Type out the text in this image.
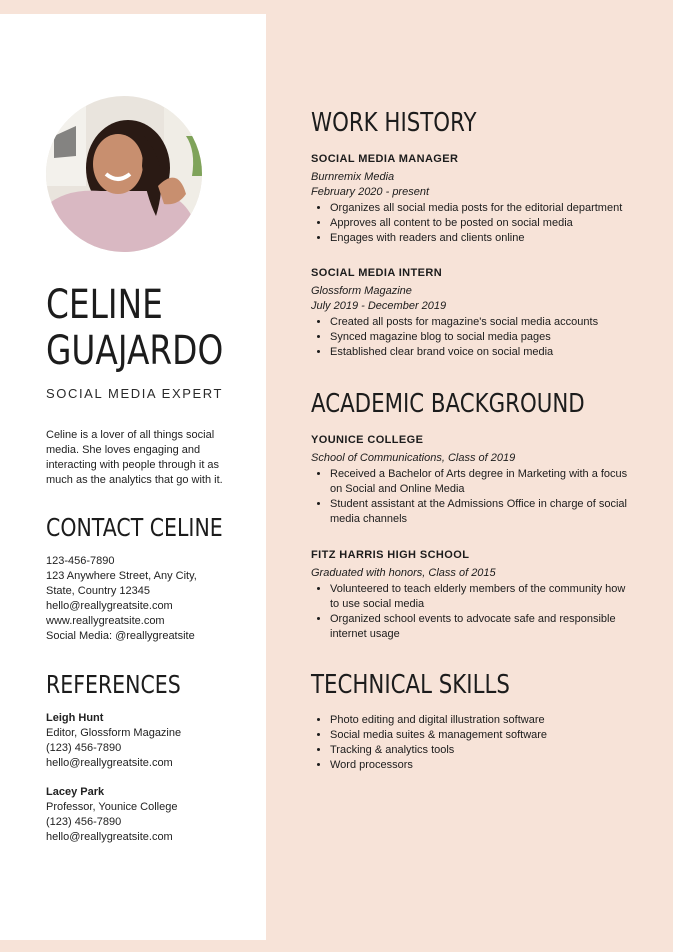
CELINE
GUAJARDO
SOCIAL MEDIA EXPERT
Celine is a lover of all things social media. She loves engaging and interacting with people through it as much as the analytics that go with it.
CONTACT CELINE
123-456-7890
123 Anywhere Street, Any City,
State, Country 12345
hello@reallygreatsite.com
www.reallygreatsite.com
Social Media: @reallygreatsite
REFERENCES
Leigh Hunt
Editor, Glossform Magazine
(123) 456-7890
hello@reallygreatsite.com
Lacey Park
Professor, Younice College
(123) 456-7890
hello@reallygreatsite.com
WORK HISTORY
SOCIAL MEDIA MANAGER
Burnremix Media
February 2020 - present
• Organizes all social media posts for the editorial department
• Approves all content to be posted on social media
• Engages with readers and clients online
SOCIAL MEDIA INTERN
Glossform Magazine
July 2019 - December 2019
• Created all posts for magazine's social media accounts
• Synced magazine blog to social media pages
• Established clear brand voice on social media
ACADEMIC BACKGROUND
YOUNICE COLLEGE
School of Communications, Class of 2019
• Received a Bachelor of Arts degree in Marketing with a focus on Social and Online Media
• Student assistant at the Admissions Office in charge of social media channels
FITZ HARRIS HIGH SCHOOL
Graduated with honors, Class of 2015
• Volunteered to teach elderly members of the community how to use social media
• Organized school events to advocate safe and responsible internet usage
TECHNICAL SKILLS
• Photo editing and digital illustration software
• Social media suites & management software
• Tracking & analytics tools
• Word processors
